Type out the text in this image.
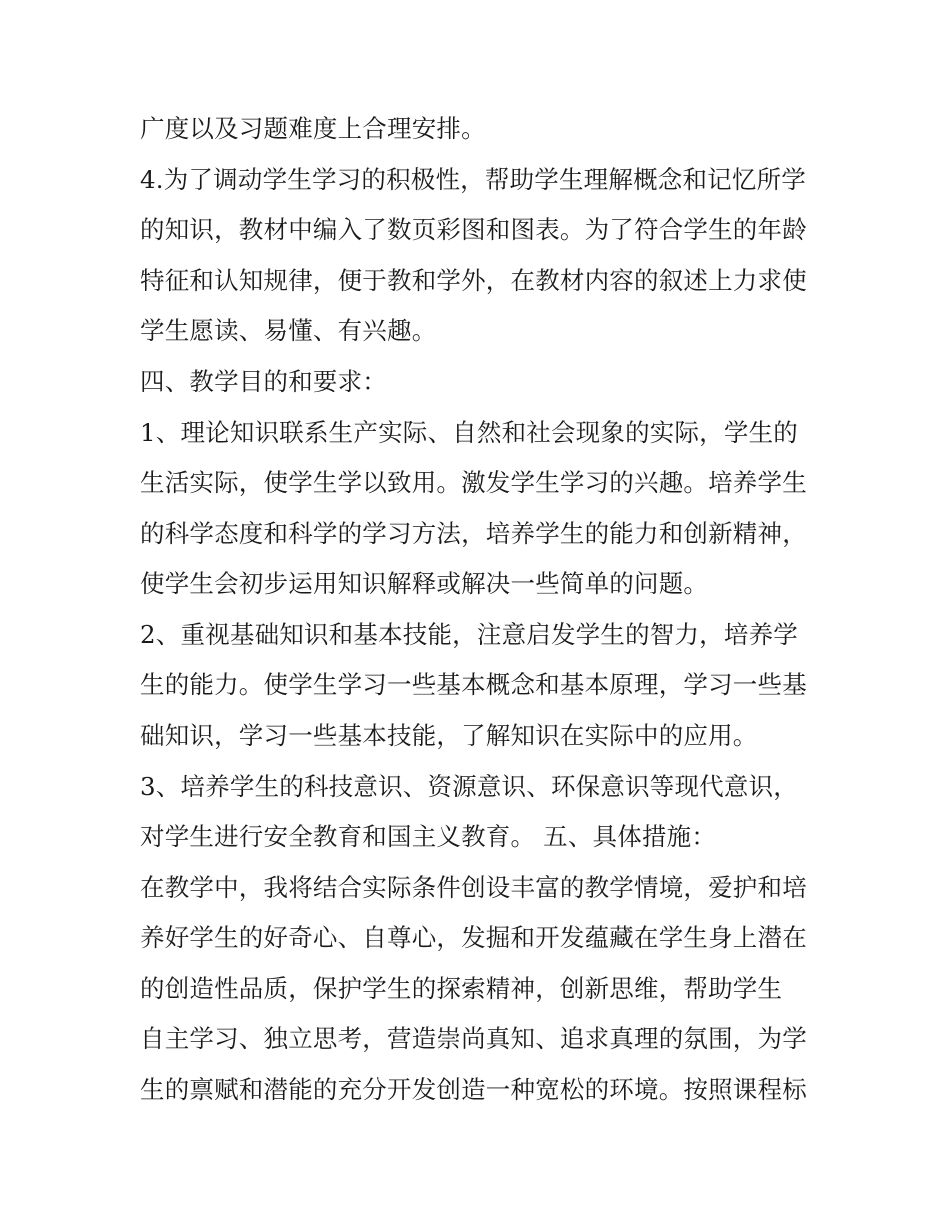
广度以及习题难度上合理安排。
4.为了调动学生学习的积极性，帮助学生理解概念和记忆所学
的知识，教材中编入了数页彩图和图表。为了符合学生的年龄
特征和认知规律，便于教和学外，在教材内容的叙述上力求使
学生愿读、易懂、有兴趣。
四、教学目的和要求：
1、理论知识联系生产实际、自然和社会现象的实际，学生的
生活实际，使学生学以致用。激发学生学习的兴趣。培养学生
的科学态度和科学的学习方法，培养学生的能力和创新精神，
使学生会初步运用知识解释或解决一些简单的问题。
2、重视基础知识和基本技能，注意启发学生的智力，培养学
生的能力。使学生学习一些基本概念和基本原理，学习一些基
础知识，学习一些基本技能，了解知识在实际中的应用。
3、培养学生的科技意识、资源意识、环保意识等现代意识，
对学生进行安全教育和国主义教育。 五、具体措施：
在教学中，我将结合实际条件创设丰富的教学情境，爱护和培
养好学生的好奇心、自尊心，发掘和开发蕴藏在学生身上潜在
的创造性品质，保护学生的探索精神，创新思维，帮助学生
自主学习、独立思考，营造崇尚真知、追求真理的氛围，为学
生的禀赋和潜能的充分开发创造一种宽松的环境。按照课程标
